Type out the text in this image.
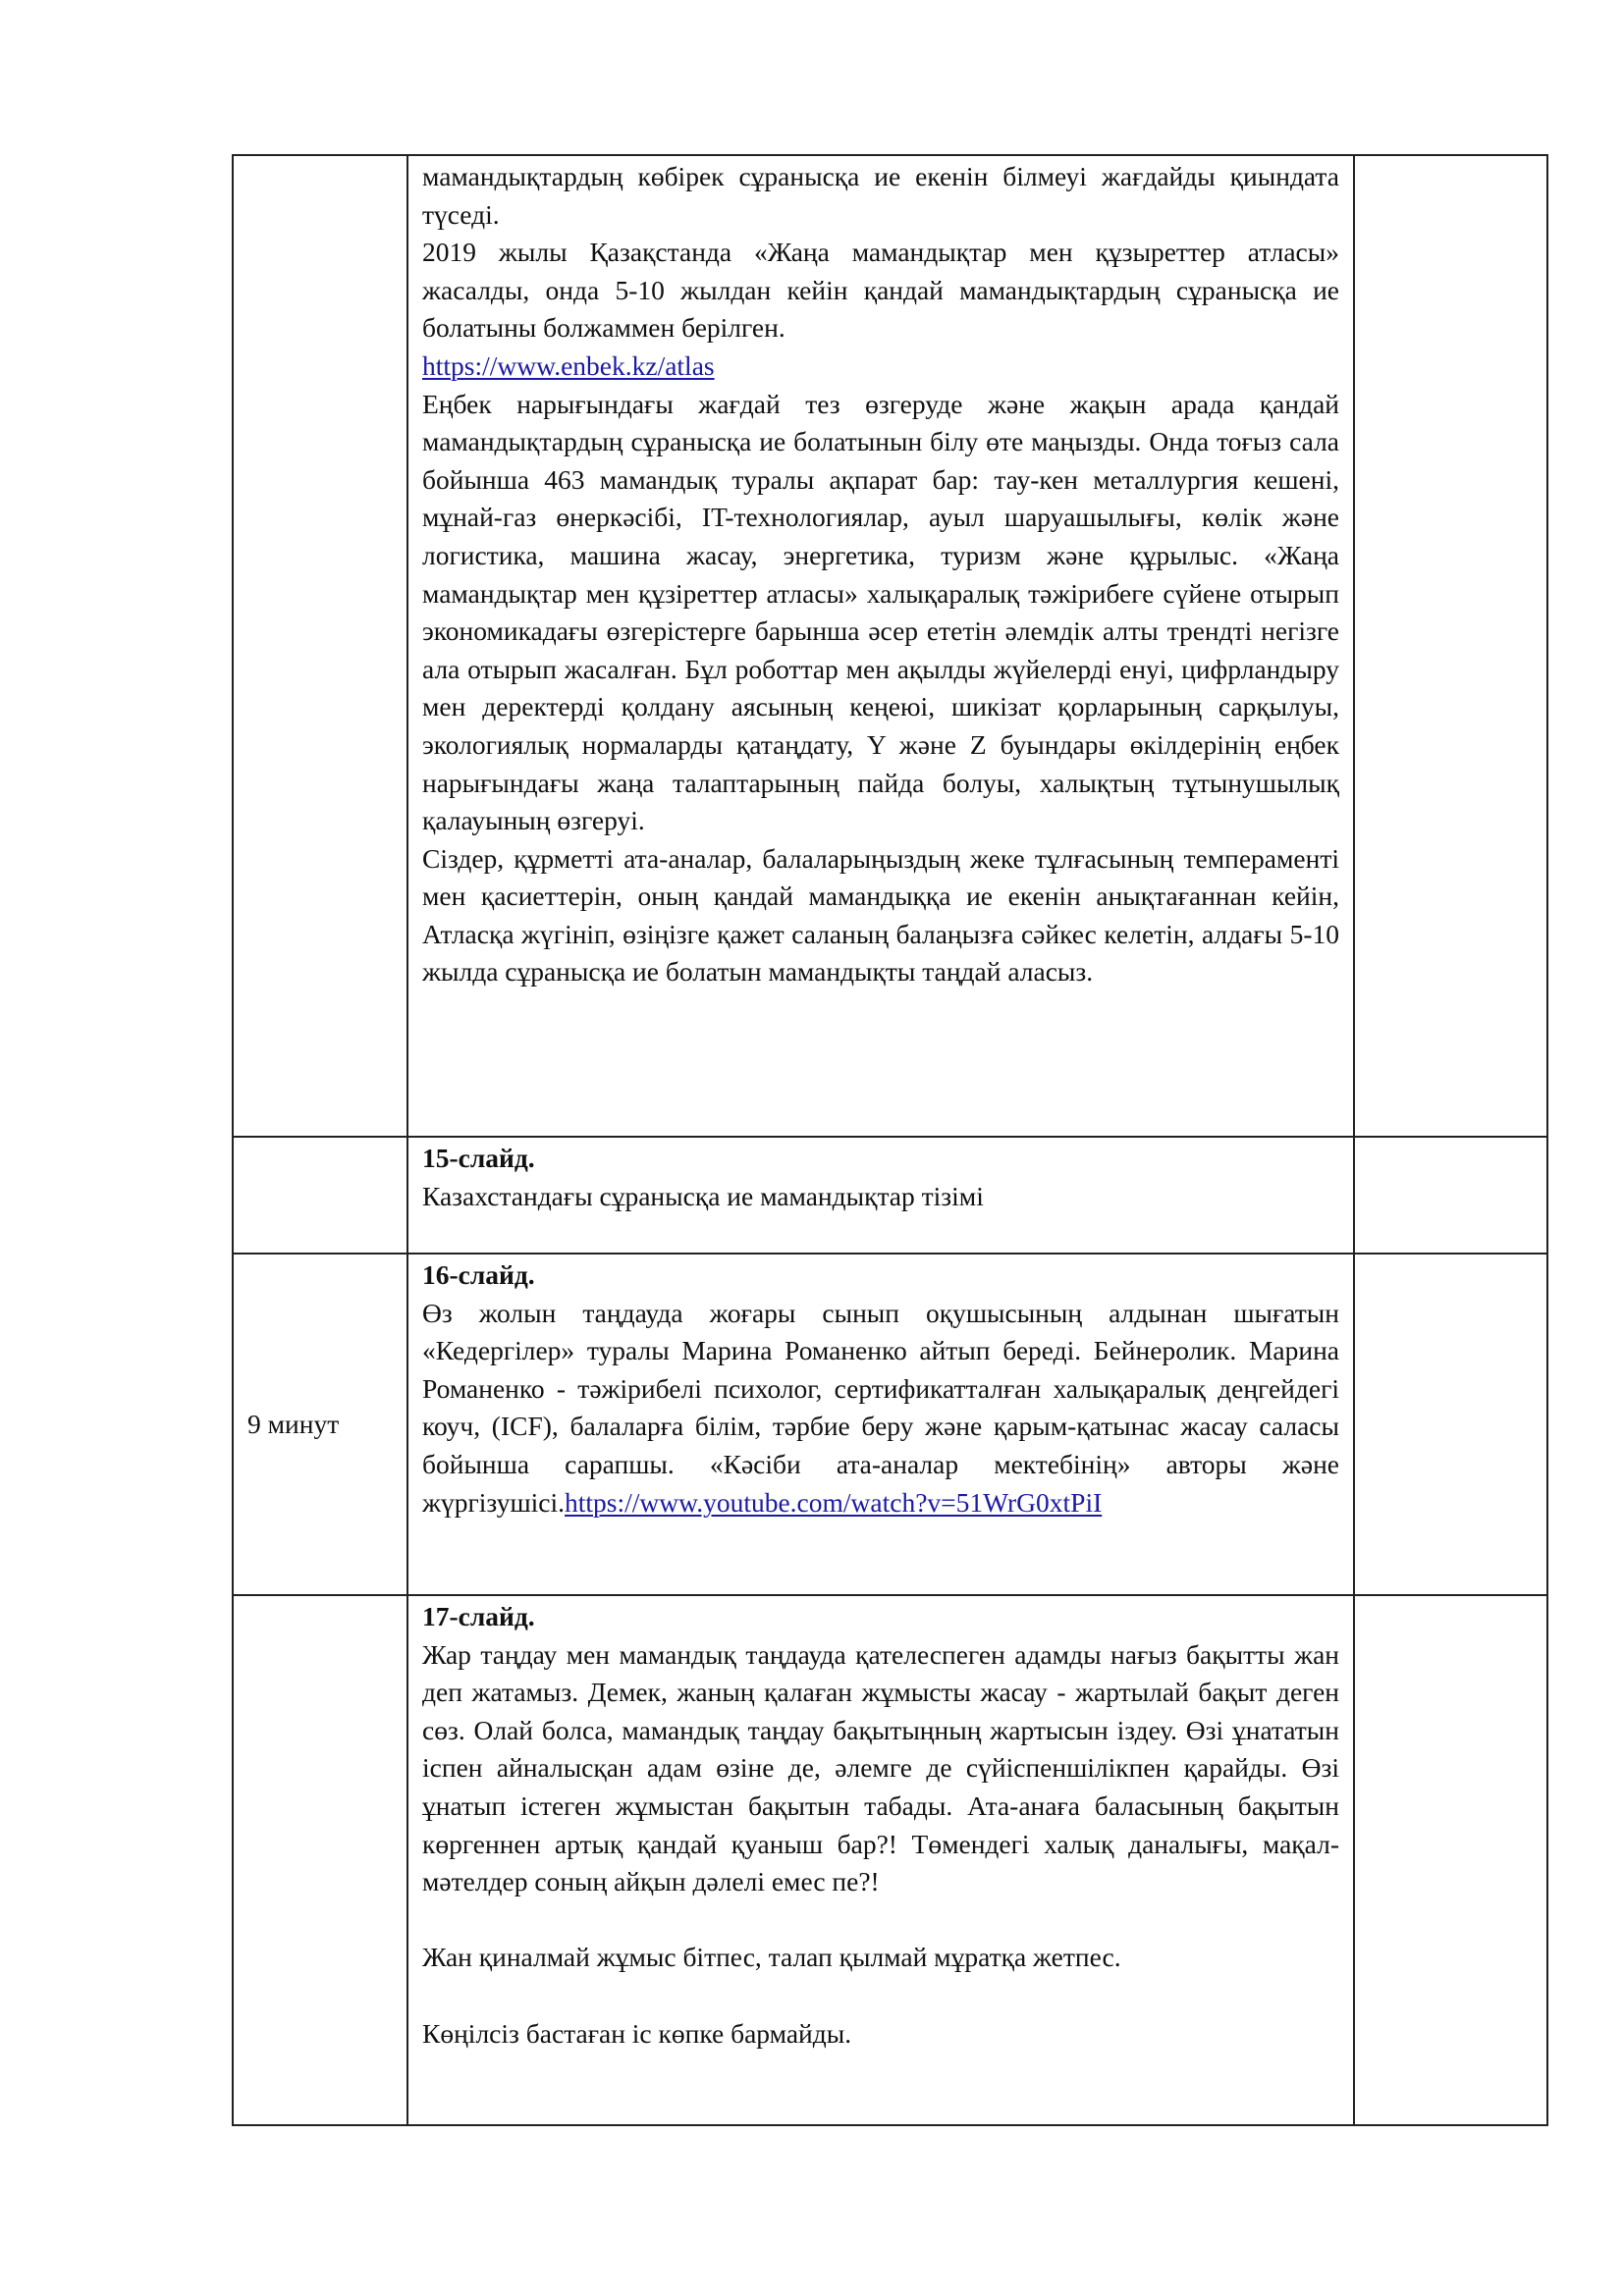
	мамандықтардың көбірек сұранысқа ие екенін білмеуі жағдайды қиындата түседі.

2019 жылы Қазақстанда «Жаңа мамандықтар мен құзыреттер атласы» жасалды, онда 5-10 жылдан кейін қандай мамандықтардың сұранысқа ие болатыны болжаммен берілген.

https://www.enbek.kz/atlas

Еңбек нарығындағы жағдай тез өзгеруде және жақын арада қандай мамандықтардың сұранысқа ие болатынын білу өте маңызды. Онда тоғыз сала бойынша 463 мамандық туралы ақпарат бар: тау-кен металлургия кешені, мұнай-газ өнеркәсібі, IT-технологиялар, ауыл шаруашылығы, көлік және логистика, машина жасау, энергетика, туризм және құрылыс. «Жаңа мамандықтар мен құзіреттер атласы» халықаралық тәжірибеге сүйене отырып экономикадағы өзгерістерге барынша әсер ететін әлемдік алты трендті негізге ала отырып жасалған. Бұл роботтар мен ақылды жүйелерді енуі, цифрландыру мен деректерді қолдану аясының кеңеюі, шикізат қорларының сарқылуы, экологиялық нормаларды қатаңдату, Y және Z буындары өкілдерінің еңбек нарығындағы жаңа талаптарының пайда болуы, халықтың тұтынушылық қалауының өзгеруі.

Сіздер, құрметті ата-аналар, балаларыңыздың жеке тұлғасының темпераменті мен қасиеттерін, оның қандай мамандыққа ие екенін анықтағаннан кейін, Атласқа жүгініп, өзіңізге қажет саланың балаңызға сәйкес келетін, алдағы 5-10 жылда сұранысқа ие болатын мамандықты таңдай аласыз.	

	15-слайд.

Казахстандағы сұранысқа ие мамандықтар тізімі	

9 минут	16-слайд.

Өз жолын таңдауда жоғары сынып оқушысының алдынан шығатын «Кедергілер» туралы Марина Романенко айтып береді. Бейнеролик. Марина Романенко - тәжірибелі психолог, сертификатталған халықаралық деңгейдегі коуч, (ICF), балаларға білім, тәрбие беру және қарым-қатынас жасау саласы бойынша сарапшы. «Кәсіби ата-аналар мектебінің» авторы және жүргізушісі.https://www.youtube.com/watch?v=51WrG0xtPiI	

	17-слайд.

Жар таңдау мен мамандық таңдауда қателеспеген адамды нағыз бақытты жан деп жатамыз. Демек, жаның қалаған жұмысты жасау - жартылай бақыт деген сөз. Олай болса, мамандық таңдау бақытыңның жартысын іздеу. Өзі ұнататын іспен айналысқан адам өзіне де, әлемге де сүйіспеншілікпен қарайды. Өзі ұнатып істеген жұмыстан бақытын табады. Ата-анаға баласының бақытын көргеннен артық қандай қуаныш бар?! Төмендегі халық даналығы, мақал-мәтелдер соның айқын дәлелі емес пе?!

Жан қиналмай жұмыс бітпес, талап қылмай мұратқа жетпес.

Көңілсіз бастаған іс көпке бармайды.	
